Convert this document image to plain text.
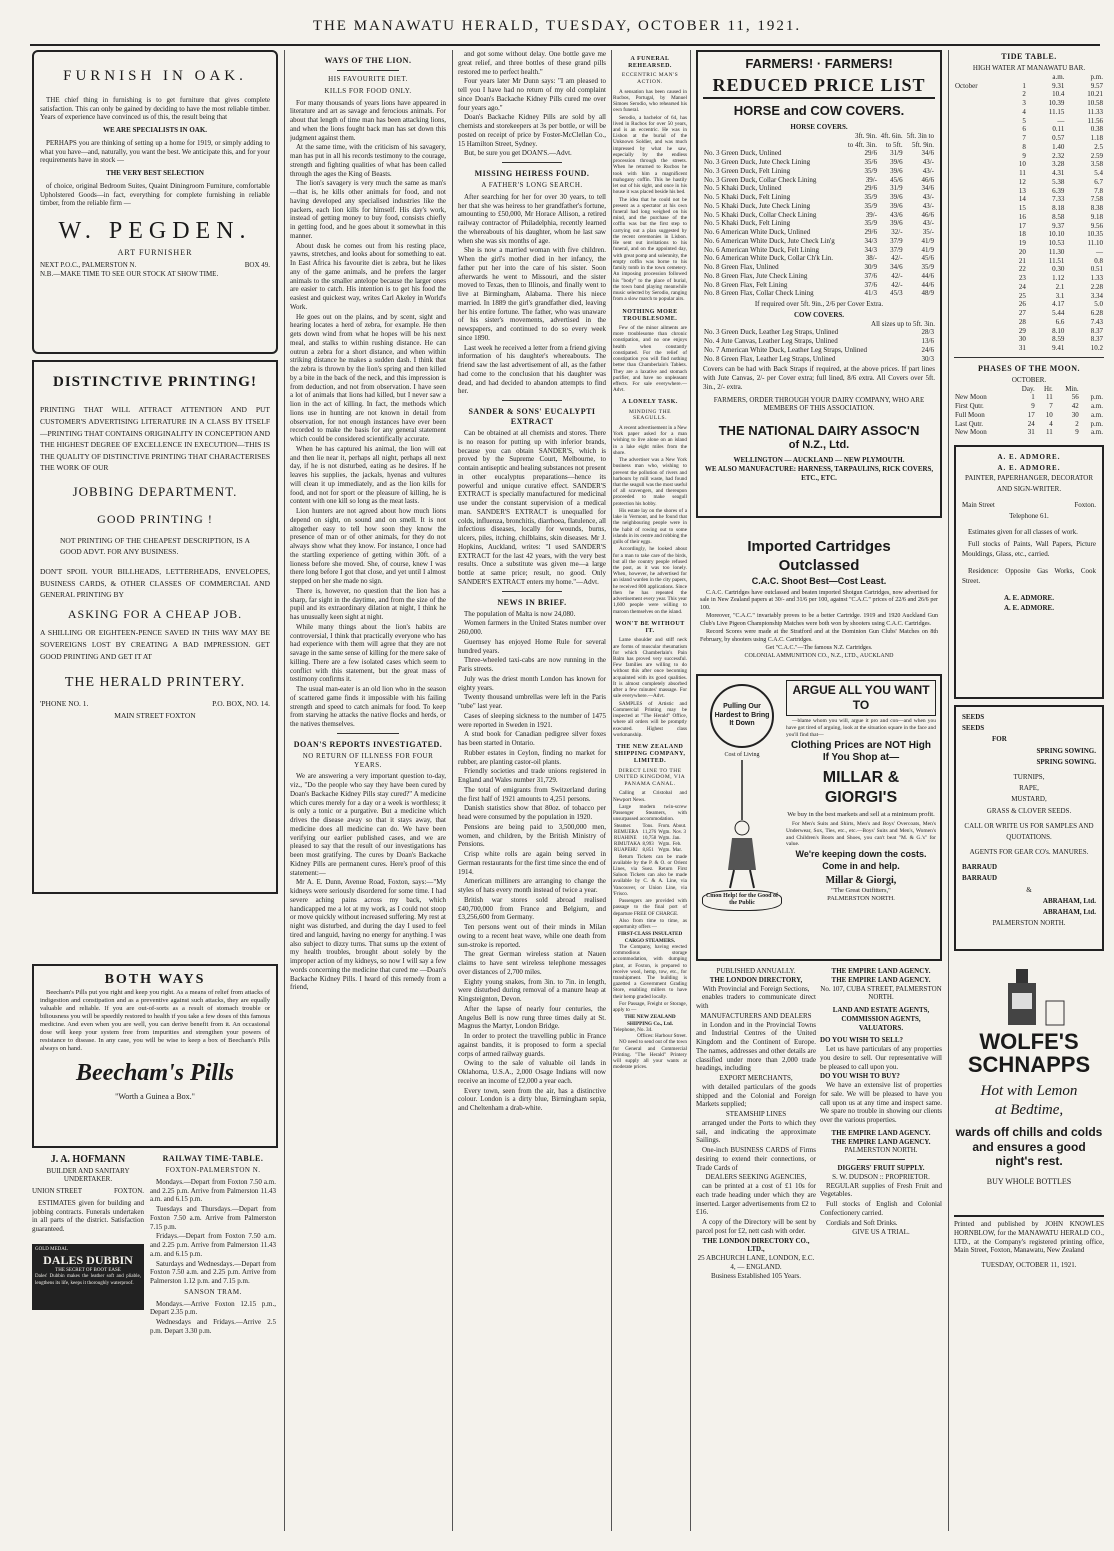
THE MANAWATU HERALD, TUESDAY, OCTOBER 11, 1921.
FURNISH IN OAK.

THE chief thing in furnishing is to get furniture that gives complete satisfaction. This can only be gained by deciding to have the most reliable timber. Years of experience have convinced us of this, the result being that

WE ARE SPECIALISTS IN OAK.

PERHAPS you are thinking of setting up a home for 1919, or simply adding to what you have—and, naturally, you want the best. We anticipate this, and for your requirements have in stock —

THE VERY BEST SELECTION

of choice, original Bedroom Suites, Quaint Diningroom Furniture, comfortable Upholstered Goods—in fact, everything for complete furnishing in reliable timber, from the reliable firm —

W. PEGDEN.
ART FURNISHER
NEXT P.O.C., PALMERSTON N.	BOX 49.
N.B.—MAKE TIME TO SEE OUR STOCK AT SHOW TIME.
DISTINCTIVE PRINTING!
PRINTING THAT WILL ATTRACT ATTENTION AND PUT CUSTOMER'S ADVERTISING LITERATURE IN A CLASS BY ITSELF—PRINTING THAT CONTAINS ORIGINALITY IN CONCEPTION AND THE HIGHEST DEGREE OF EXCELLENCE IN EXECUTION—THIS IS THE QUALITY OF DISTINCTIVE PRINTING THAT CHARACTERISES THE WORK OF OUR
JOBBING DEPARTMENT.
GOOD PRINTING !
NOT PRINTING OF THE CHEAPEST DESCRIPTION, IS A GOOD ADVT. FOR ANY BUSINESS.
DON'T SPOIL YOUR BILLHEADS, LETTERHEADS, ENVELOPES, BUSINESS CARDS, & OTHER CLASSES OF COMMERCIAL AND GENERAL PRINTING BY
ASKING FOR A CHEAP JOB.
A SHILLING OR EIGHTEEN-PENCE SAVED IN THIS WAY MAY BE SOVEREIGNS LOST BY CREATING A BAD IMPRESSION. GET GOOD PRINTING AND GET IT AT
THE HERALD PRINTERY.
'PHONE NO. 1.	P.O. BOX, NO. 14.
MAIN STREET FOXTON
BOTH WAYS

Beecham's Pills put you right and keep you right. As a means of relief from attacks of indigestion and constipation and as a preventive against such attacks, they are equally valuable and reliable. If you are out-of-sorts as a result of stomach trouble or biliousness you will be speedily restored to health if you take a few doses of this famous medicine. And even when you are well, you can derive benefit from it. An occasional dose will keep your system free from impurities and strengthen your powers of resistance to disease. In any case, you will be wise to keep a box of Beecham's Pills always on hand.

Beecham's Pills
"Worth a Guinea a Box."
J. A. HOFMANN
BUILDER AND SANITARY
UNDERTAKER.
UNION STREET	FOXTON.

ESTIMATES given for building and jobbing contracts. Funerals undertaken in all parts of the district. Satisfaction guaranteed.

GOLD MEDAL
DALES DUBBIN
THE SECRET OF BOOT EASE
Dales' Dubbin makes the leather soft and pliable, lengthens its life, keeps it thoroughly waterproof.
RAILWAY TIME-TABLE.
FOXTON-PALMERSTON N.

Mondays.—Depart from Foxton 7.50 a.m. and 2.25 p.m. Arrive from Palmerston 11.43 a.m. and 6.15 p.m.

Tuesdays and Thursdays.—Depart from Foxton 7.50 a.m. Arrive from Palmerston 7.15 p.m.

Fridays.—Depart from Foxton 7.50 a.m. and 2.25 p.m. Arrive from Palmerston 11.43 a.m. and 6.15 p.m.

Saturdays and Wednesdays.—Depart from Foxton 7.50 a.m. and 2.25 p.m. Arrive from Palmerston 1.12 p.m. and 7.15 p.m.

SANSON TRAM.

Mondays.—Arrive Foxton 12.15 p.m., Depart 2.35 p.m.

Wednesdays and Fridays.—Arrive 2.5 p.m. Depart 3.30 p.m.

WAYS OF THE LION.
HIS FAVOURITE DIET.
KILLS FOR FOOD ONLY.

For many thousands of years lions have appeared in literature and art as savage and ferocious animals. For about that length of time man has been attacking lions, and when the lions fought back man has set down this judgment against them.

At the same time, with the criticism of his savagery, man has put in all his records testimony to the courage, strength and fighting qualities of what has been called through the ages the King of Beasts.

The lion's savagery is very much the same as man's—that is, he kills other animals for food, and not having developed any specialised industries like the packers, each lion kills for himself. His day's work, instead of getting money to buy food, consists chiefly in getting food, and he goes about it somewhat in this manner.

About dusk he comes out from his resting place, yawns, stretches, and looks about for something to eat. In East Africa his favourite diet is zebra, but he likes any of the game animals, and he prefers the larger animals to the smaller antelope because the larger ones are easier to catch. His intention is to get his food the easiest and quickest way, writes Carl Akeley in World's Work.

He goes out on the plains, and by scent, sight and hearing locates a herd of zebra, for example. He then gets down wind from what he hopes will be his next meal, and stalks to within rushing distance. He can outrun a zebra for a short distance, and when within striking distance he makes a sudden dash. I think that the zebra is thrown by the lion's spring and then killed by a bite in the back of the neck, and this impression is from deduction, and not from observation. I have seen a lot of animals that lions had killed, but I never saw a lion in the act of killing. In fact, the methods which lions use in hunting are not known in detail from observation, for not enough instances have ever been recorded to make the basis for any general statement which could be considered scientifically accurate.

When he has captured his animal, the lion will eat and then lie near it, perhaps all night, perhaps all next day, if he is not disturbed, eating as he desires. If he leaves his supplies, the jackals, hyenas and vultures will clean it up immediately, and as the lion kills for food, and not for sport or the pleasure of killing, he is content with one kill so long as the meat lasts.

Lion hunters are not agreed about how much lions depend on sight, on sound and on smell. It is not altogether easy to tell how soon they know the presence of man or of other animals, for they do not always show what they know. For instance, I once had the startling experience of getting within 30ft. of a lioness before she moved. She, of course, knew I was there long before I got that close, and yet until I almost stepped on her she made no sign.

There is, however, no question that the lion has a sharp, far sight in the daytime, and from the size of the pupil and its extraordinary dilation at night, I think he has unusually keen sight at night.

While many things about the lion's habits are controversial, I think that practically everyone who has had experience with them will agree that they are not savage in the same sense of killing for the mere sake of killing. There are a few isolated cases which seem to conflict with this statement, but the great mass of testimony confirms it.

The usual man-eater is an old lion who in the season of scattered game finds it impossible with his failing strength and speed to catch animals for food. To keep from starving he attacks the native flocks and herds, or the natives themselves.

DOAN'S REPORTS INVESTIGATED.
NO RETURN OF ILLNESS FOR FOUR YEARS.

We are answering a very important question to-day, viz., "Do the people who say they have been cured by Doan's Backache Kidney Pills stay cured?" A medicine which cures merely for a day or a week is worthless; it is only a tonic or a purgative. But a medicine which drives the disease away so that it stays away, that medicine does all medicine can do. We have been verifying our earlier published cases, and we are pleased to say that the result of our investigations has been most gratifying. The cures by Doan's Backache Kidney Pills are permanent cures. Here's proof of this statement:—

Mr A. E. Dunn, Avenue Road, Foxton, says:—"My kidneys were seriously disordered for some time. I had severe aching pains across my back, which handicapped me a lot at my work, as I could not stoop or move quickly without increased suffering. My rest at night was disturbed, and during the day I used to feel tired and languid, having no energy for anything. I was also subject to dizzy turns. That sums up the extent of my health troubles, brought about solely by the improper action of my kidneys, so now I will say a few words concerning the medicine that cured me —Doan's Backache Kidney Pills. I heard of this remedy from a friend,

and got some without delay. One bottle gave me great relief, and three bottles of these grand pills restored me to perfect health."

Four years later Mr Dunn says: "I am pleased to tell you I have had no return of my old complaint since Doan's Backache Kidney Pills cured me over four years ago."

Doan's Backache Kidney Pills are sold by all chemists and storekeepers at 3s per bottle, or will be posted on receipt of price by Foster-McClellan Co., 15 Hamilton Street, Sydney.

But, be sure you get DOAN'S.—Advt.

MISSING HEIRESS FOUND.
A FATHER'S LONG SEARCH.

After searching for her for over 30 years, to tell her that she was heiress to her grandfather's fortune, amounting to £50,000, Mr Horace Allison, a retired railway contractor of Philadelphia, recently learned the whereabouts of his daughter, whom he last saw when she was six months of age.

She is now a married woman with five children. When the girl's mother died in her infancy, the father put her into the care of his sister. Soon afterwards he went to Missouri, and the sister moved to Texas, then to Illinois, and finally went to live at Birmingham, Alabama. There his niece married. In 1889 the girl's grandfather died, leaving her his entire fortune. The father, who was unaware of his sister's movements, advertised in the newspapers, and continued to do so every week since 1890.

Last week he received a letter from a friend giving information of his daughter's whereabouts. The friend saw the last advertisement of all, as the father had come to the conclusion that his daughter was dead, and had decided to abandon attempts to find her.

SANDER & SONS' EUCALYPTI EXTRACT

Can be obtained at all chemists and stores. There is no reason for putting up with inferior brands, because you can obtain SANDER'S, which is proved by the Supreme Court, Melbourne, to contain antiseptic and healing substances not present in other eucalyptus preparations—hence its powerful and unique curative effect. SANDER'S EXTRACT is specially manufactured for medicinal use under the constant supervision of a medical man. SANDER'S EXTRACT is unequalled for colds, influenza, bronchitis, diarrhoea, flatulence, all infectious diseases, locally for wounds, burns, ulcers, piles, itching, chilblains, skin diseases. Mr J. Hopkins, Auckland, writes: "I used SANDER'S EXTRACT for the last 42 years, with the very best results. Once a substitute was given me—a large bottle at same price; result, no good. Only SANDER'S EXTRACT enters my home."—Advt.

NEWS IN BRIEF.

The population of Malta is now 24,080.

Women farmers in the United States number over 260,000.

Guernsey has enjoyed Home Rule for several hundred years.

Three-wheeled taxi-cabs are now running in the Paris streets.

July was the driest month London has known for eighty years.

Twenty thousand umbrellas were left in the Paris "tube" last year.

Cases of sleeping sickness to the number of 1475 were reported in Sweden in 1921.

A stud book for Canadian pedigree silver foxes has been started in Ontario.

Rubber estates in Ceylon, finding no market for rubber, are planting castor-oil plants.

Friendly societies and trade unions registered in England and Wales number 31,729.

The total of emigrants from Switzerland during the first half of 1921 amounts to 4,251 persons.

Danish statistics show that 80oz. of tobacco per head were consumed by the population in 1920.

Pensions are being paid to 3,500,000 men, women, and children, by the British Ministry of Pensions.

Crisp white rolls are again being served in German restaurants for the first time since the end of 1914.

American milliners are arranging to change the styles of hats every month instead of twice a year.

British war stores sold abroad realised £40,700,000 from France and Belgium, and £3,256,600 from Germany.

Ten persons went out of their minds in Milan owing to a recent heat wave, while one death from sun-stroke is reported.

The great German wireless station at Nauen claims to have sent wireless telephone messages over distances of 2,700 miles.

Eighty young snakes, from 3in. to 7in. in length, were disturbed during removal of a manure heap at Kingsteignton, Devon.

After the lapse of nearly four centuries, the Angelus Bell is now rung three times daily at St. Magnus the Martyr, London Bridge.

In order to protect the travelling public in France against bandits, it is proposed to form a special corps of armed railway guards.

Owing to the sale of valuable oil lands in Oklahoma, U.S.A., 2,000 Osage Indians will now receive an income of £2,000 a year each.

Every town, seen from the air, has a distinctive colour. London is a dirty blue, Birmingham sepia, and Cheltenham a drab-white.

FARMERS! · FARMERS!
REDUCED PRICE LIST
HORSE and COW COVERS.
HORSE COVERS.
	3ft. 9in.	4ft. 6in.	5ft. 3in to
	to 4ft. 3in.	to 5ft.	5ft. 9in.
No. 3 Green Duck, Unlined	29/6	31/9	34/6
No. 3 Green Duck, Jute Check Lining	35/6	39/6	43/-
No. 3 Green Duck, Felt Lining	35/9	39/6	43/-
No. 3 Green Duck, Collar Check Lining	39/-	45/6	46/6
No. 5 Khaki Duck, Unlined	29/6	31/9	34/6
No. 5 Khaki Duck, Felt Lining	35/9	39/6	43/-
No. 5 Khaki Duck, Jute Check Lining	35/9	39/6	43/-
No. 5 Khaki Duck, Collar Check Lining	39/-	43/6	46/6
No. 5 Khaki Duck, Felt Lining	35/9	39/6	43/-
No. 6 American White Duck, Unlined	29/6	32/-	35/-
No. 6 American White Duck, Jute Check Lin'g	34/3	37/9	41/9
No. 6 American White Duck, Felt Lining	34/3	37/9	41/9
No. 6 American White Duck, Collar Ch'k Lin.	38/-	42/-	45/6
No. 8 Green Flax, Unlined	30/9	34/6	35/9
No. 8 Green Flax, Jute Check Lining	37/6	42/-	44/6
No. 8 Green Flax, Felt Lining	37/6	42/-	44/6
No. 8 Green Flax, Collar Check Lining	41/3	45/3	48/9
If required over 5ft. 9in., 2/6 per Cover Extra.
COW COVERS.
All sizes up to 5ft. 3in.
No. 3 Green Duck, Leather Leg Straps, Unlined	28/3
No. 4 Jute Canvas, Leather Leg Straps, Unlined	13/6
No. 7 American White Duck, Leather Leg Straps, Unlined	24/6
No. 8 Green Flax, Leather Leg Straps, Unlined	30/3
Covers can be had with Back Straps if required, at the above prices. If part lines with Jute Canvas, 2/- per Cover extra; full lined, 8/6 extra. All Covers over 5ft. 3in., 2/- extra.
FARMERS, ORDER THROUGH YOUR DAIRY COMPANY, WHO ARE MEMBERS OF THIS ASSOCIATION.
THE NATIONAL DAIRY ASSOC'N
of N.Z., Ltd.
WELLINGTON — AUCKLAND — NEW PLYMOUTH.
WE ALSO MANUFACTURE: HARNESS, TARPAULINS, RICK COVERS, ETC., ETC.
Imported Cartridges
Outclassed
C.A.C. Shoot Best—Cost Least.

C.A.C. Cartridges have outclassed and beaten imported Shotgun Cartridges, now advertised for sale in New Zealand papers at 30/- and 31/6 per 100, against "C.A.C." prices of 22/6 and 26/6 per 100.

Moreover, "C.A.C." invariably proves to be a better Cartridge. 1919 and 1920 Auckland Gun Club's Live Pigeon Championship Matches were both won by shooters using C.A.C. Cartridges.

Record Scores were made at the Stratford and at the Dominion Gun Clubs' Matches on 8th February, by shooters using C.A.C. Cartridges.

Get "C.A.C."—The famous N.Z. Cartridges.
COLONIAL AMMUNITION CO., N.Z., LTD., AUCKLAND
Pulling Our Hardest to Bring It Down
Cost of Living
Cmon Help! for the Good of the Public
ARGUE ALL YOU WANT TO

—blame whom you will, argue it pro and con—and when you have got tired of arguing, look at the situation square in the face and you'll find that—

Clothing Prices are NOT High
If You Shop at—
MILLAR & GIORGI'S
We buy in the best markets and sell at a minimum profit.

For Men's Suits and Shirts, Men's and Boys' Overcoats, Men's Underwear, Sox, Ties, etc., etc.—Boys' Suits and Men's, Women's and Children's Boots and Shoes, you can't beat "M. & G.'s" for value.

We're keeping down the costs. Come in and help.
Millar & Giorgi,
"The Great Outfitters,"
PALMERSTON NORTH.
PUBLISHED ANNUALLY.
THE LONDON DIRECTORY,
With Provincial and Foreign Sections,

enables traders to communicate direct with

MANUFACTURERS AND DEALERS

in London and in the Provincial Towns and Industrial Centres of the United Kingdom and the Continent of Europe. The names, addresses and other details are classified under more than 2,000 trade headings, including

EXPORT MERCHANTS,

with detailed particulars of the goods shipped and the Colonial and Foreign Markets supplied;

STEAMSHIP LINES

arranged under the Ports to which they sail, and indicating the approximate Sailings.

One-inch BUSINESS CARDS of Firms desiring to extend their connections, or Trade Cards of

DEALERS SEEKING AGENCIES,

can be printed at a cost of £1 10s for each trade heading under which they are inserted. Larger advertisements from £2 to £16.

A copy of the Directory will be sent by parcel post for £2, nett cash with order.

THE LONDON DIRECTORY CO., LTD.,
25 ABCHURCH LANE, LONDON, E.C. 4, — ENGLAND.
Business Established 105 Years.
THE EMPIRE LAND AGENCY.
THE EMPIRE LAND AGENCY.
No. 107, CUBA STREET, PALMERSTON NORTH.
LAND AND ESTATE AGENTS, COMMISSION AGENTS, VALUATORS.
DO YOU WISH TO SELL?

Let us have particulars of any properties you desire to sell. Our representative will be pleased to call upon you.

DO YOU WISH TO BUY?

We have an extensive list of properties for sale. We will be pleased to have you call upon us at any time and inspect same. We spare no trouble in showing our clients over the various properties.

THE EMPIRE LAND AGENCY.
THE EMPIRE LAND AGENCY.
PALMERSTON NORTH.
DIGGERS' FRUIT SUPPLY.
S. W. DUDSON :: PROPRIETOR.

REGULAR supplies of Fresh Fruit and Vegetables.

Full stocks of English and Colonial Confectionery carried.

Cordials and Soft Drinks.

GIVE US A TRIAL.
TIDE TABLE.
HIGH WATER AT MANAWATU BAR.
		a.m.	p.m.
October	1	9.31	9.57
	2	10.4	10.21
	3	10.39	10.58
	4	11.15	11.33
	5	—	11.56
	6	0.11	0.38
	7	0.57	1.18
	8	1.40	2.5
	9	2.32	2.59
	10	3.28	3.58
	11	4.31	5.4
	12	5.38	6.7
	13	6.39	7.8
	14	7.33	7.58
	15	8.18	8.38
	16	8.58	9.18
	17	9.37	9.56
	18	10.10	10.35
	19	10.53	11.10
	20	11.30	—
	21	11.51	0.8
	22	0.30	0.51
	23	1.12	1.33
	24	2.1	2.28
	25	3.1	3.34
	26	4.17	5.0
	27	5.44	6.28
	28	6.6	7.43
	29	8.10	8.37
	30	8.59	8.37
	31	9.41	10.2
PHASES OF THE MOON.
OCTOBER.
	Day.	Hr.	Min.	
New Moon	1	11	56	p.m.
First Qutr.	9	7	42	a.m.
Full Moon	17	10	30	a.m.
Last Qutr.	24	4	2	p.m.
New Moon	31	11	9	a.m.
A. E. ADMORE.
A. E. ADMORE.
PAINTER, PAPERHANGER, DECORATOR AND SIGN-WRITER.
Main Street	Foxton.
Telephone 61.

Estimates given for all classes of work.

Full stocks of Paints, Wall Papers, Picture Mouldings, Glass, etc., carried.

Residence: Opposite Gas Works, Cook Street.

A. E. ADMORE.
A. E. ADMORE.
SEEDS
SEEDS
FOR
SPRING SOWING.
SPRING SOWING.
TURNIPS,
RAPE,
MUSTARD,
GRASS & CLOVER SEEDS.
CALL OR WRITE US FOR SAMPLES AND QUOTATIONS.
AGENTS FOR GEAR CO's. MANURES.
BARRAUD
BARRAUD
&
ABRAHAM, Ltd.
ABRAHAM, Ltd.
PALMERSTON NORTH.
WOLFE'S
SCHNAPPS
Hot with Lemon
at Bedtime,
wards off chills and colds and ensures a good night's rest.
BUY WHOLE BOTTLES

Printed and published by JOHN KNOWLES HORNBLOW, for the MANAWATU HERALD CO., LTD., at the Company's registered printing office, Main Street, Foxton, Manawatu, New Zealand

TUESDAY, OCTOBER 11, 1921.
A FUNERAL REHEARSED.
ECCENTRIC MAN'S ACTION.

A sensation has been caused in Rucbos, Portugal, by Manuel Simoes Serodio, who rehearsed his own funeral.

Serodio, a bachelor of 64, has lived in Rucbos for over 50 years, and is an eccentric. He was in Lisbon at the burial of the Unknown Soldier, and was much impressed by what he saw, especially by the endless procession through the streets. When he returned to Rucbos he took with him a magnificent mahogany coffin. This he hastily let out of his sight, and once in his house it was placed beside his bed.

The idea that he could not be present as a spectator at his own funeral had long weighed on his mind, and the purchase of the coffin was but the first step to carrying out a plan suggested by the recent ceremonies in Lisbon. He sent out invitations to his funeral, and on the appointed day, with great pomp and solemnity, the empty coffin was borne to his family tomb in the town cemetery. An imposing procession followed his "body" to the place of burial, the town band playing meanwhile music selected by Serodio, ranging from a slow march to popular airs.

NOTHING MORE TROUBLESOME.

Few of the minor ailments are more troublesome than chronic constipation, and no one enjoys health when constantly constipated. For the relief of constipation you will find nothing better than Chamberlain's Tablets. They are a laxative and stomach purifier, and have no unpleasant effects. For sale everywhere.—Advt.

A LONELY TASK.
MINDING THE SEAGULLS.

A recent advertisement in a New York paper asked for a man wishing to live alone on an island in a lake eight miles from the shore.

The advertiser was a New York business man who, wishing to prevent the pollution of rivers and harbours by mill waste, had found that the seagull was the most useful of all scavengers, and thereupon proceeded to make seagull protection his hobby.

His estate lay on the shores of a lake in Vermont, and he found that the neighbouring people were in the habit of rowing out to some islands in its centre and robbing the gulls of their eggs.

Accordingly, he looked about for a man to take care of the birds, but all the country people refused the post, as it was too lonely. When, however, he advertised for an island warden in the city papers, he received 800 applications. Since then he has repeated the advertisement every year. This year 1,600 people were willing to maroon themselves on the island.

WON'T BE WITHOUT IT.

Lame shoulder and stiff neck are forms of muscular rheumatism for which Chamberlain's Pain Balm has proved very successful. Few families are willing to do without this after once becoming acquainted with its good qualities. It is almost completely absorbed after a few minutes' massage. For sale everywhere.—Advt.

SAMPLES of Artistic and Commercial Printing may be inspected at "The Herald" Office, where all orders will be promptly executed. Highest class workmanship.

THE NEW ZEALAND SHIPPING COMPANY, LIMITED.
DIRECT LINE TO THE UNITED KINGDOM, VIA PANAMA CANAL.

Calling at Cristobal and Newport News.

Large modern twin-screw Passenger Steamers, with unsurpassed accommodation.

Steamer.	Tons.	From.	About.
REMUERA	11,276	Wgtn.	Nov. 3
RUAHINE	10,758	Wgtn.	Jan.
RIMUTAKA	8,993	Wgtn.	Feb.
RUAPEHU	8,851	Wgtn.	Mar.

Return Tickets can be made available by the P. & O. or Orient Lines, via Suez. Return First Saloon Tickets can also be made available by C. & A. Line, via Vancouver, or Union Line, via 'Frisco.

Passengers are provided with passage to the final port of departure FREE OF CHARGE.

Also from time to time, as opportunity offers —

FIRST-CLASS INSULATED CARGO STEAMERS.

The Company, having erected commodious storage accommodation, with dumping plant, at Foxton, is prepared to receive wool, hemp, tow, etc., for transhipment. The building is gazetted a Government Grading Store, enabling millers to have their hemp graded locally.

For Passage, Freight or Storage, apply to —

THE NEW ZEALAND SHIPPING Co., Ltd.
Telephone, No. 34.
Offices: Harbour Street.

NO need to send out of the town for General and Commercial Printing. "The Herald" Printery will supply all your wants at moderate prices.
